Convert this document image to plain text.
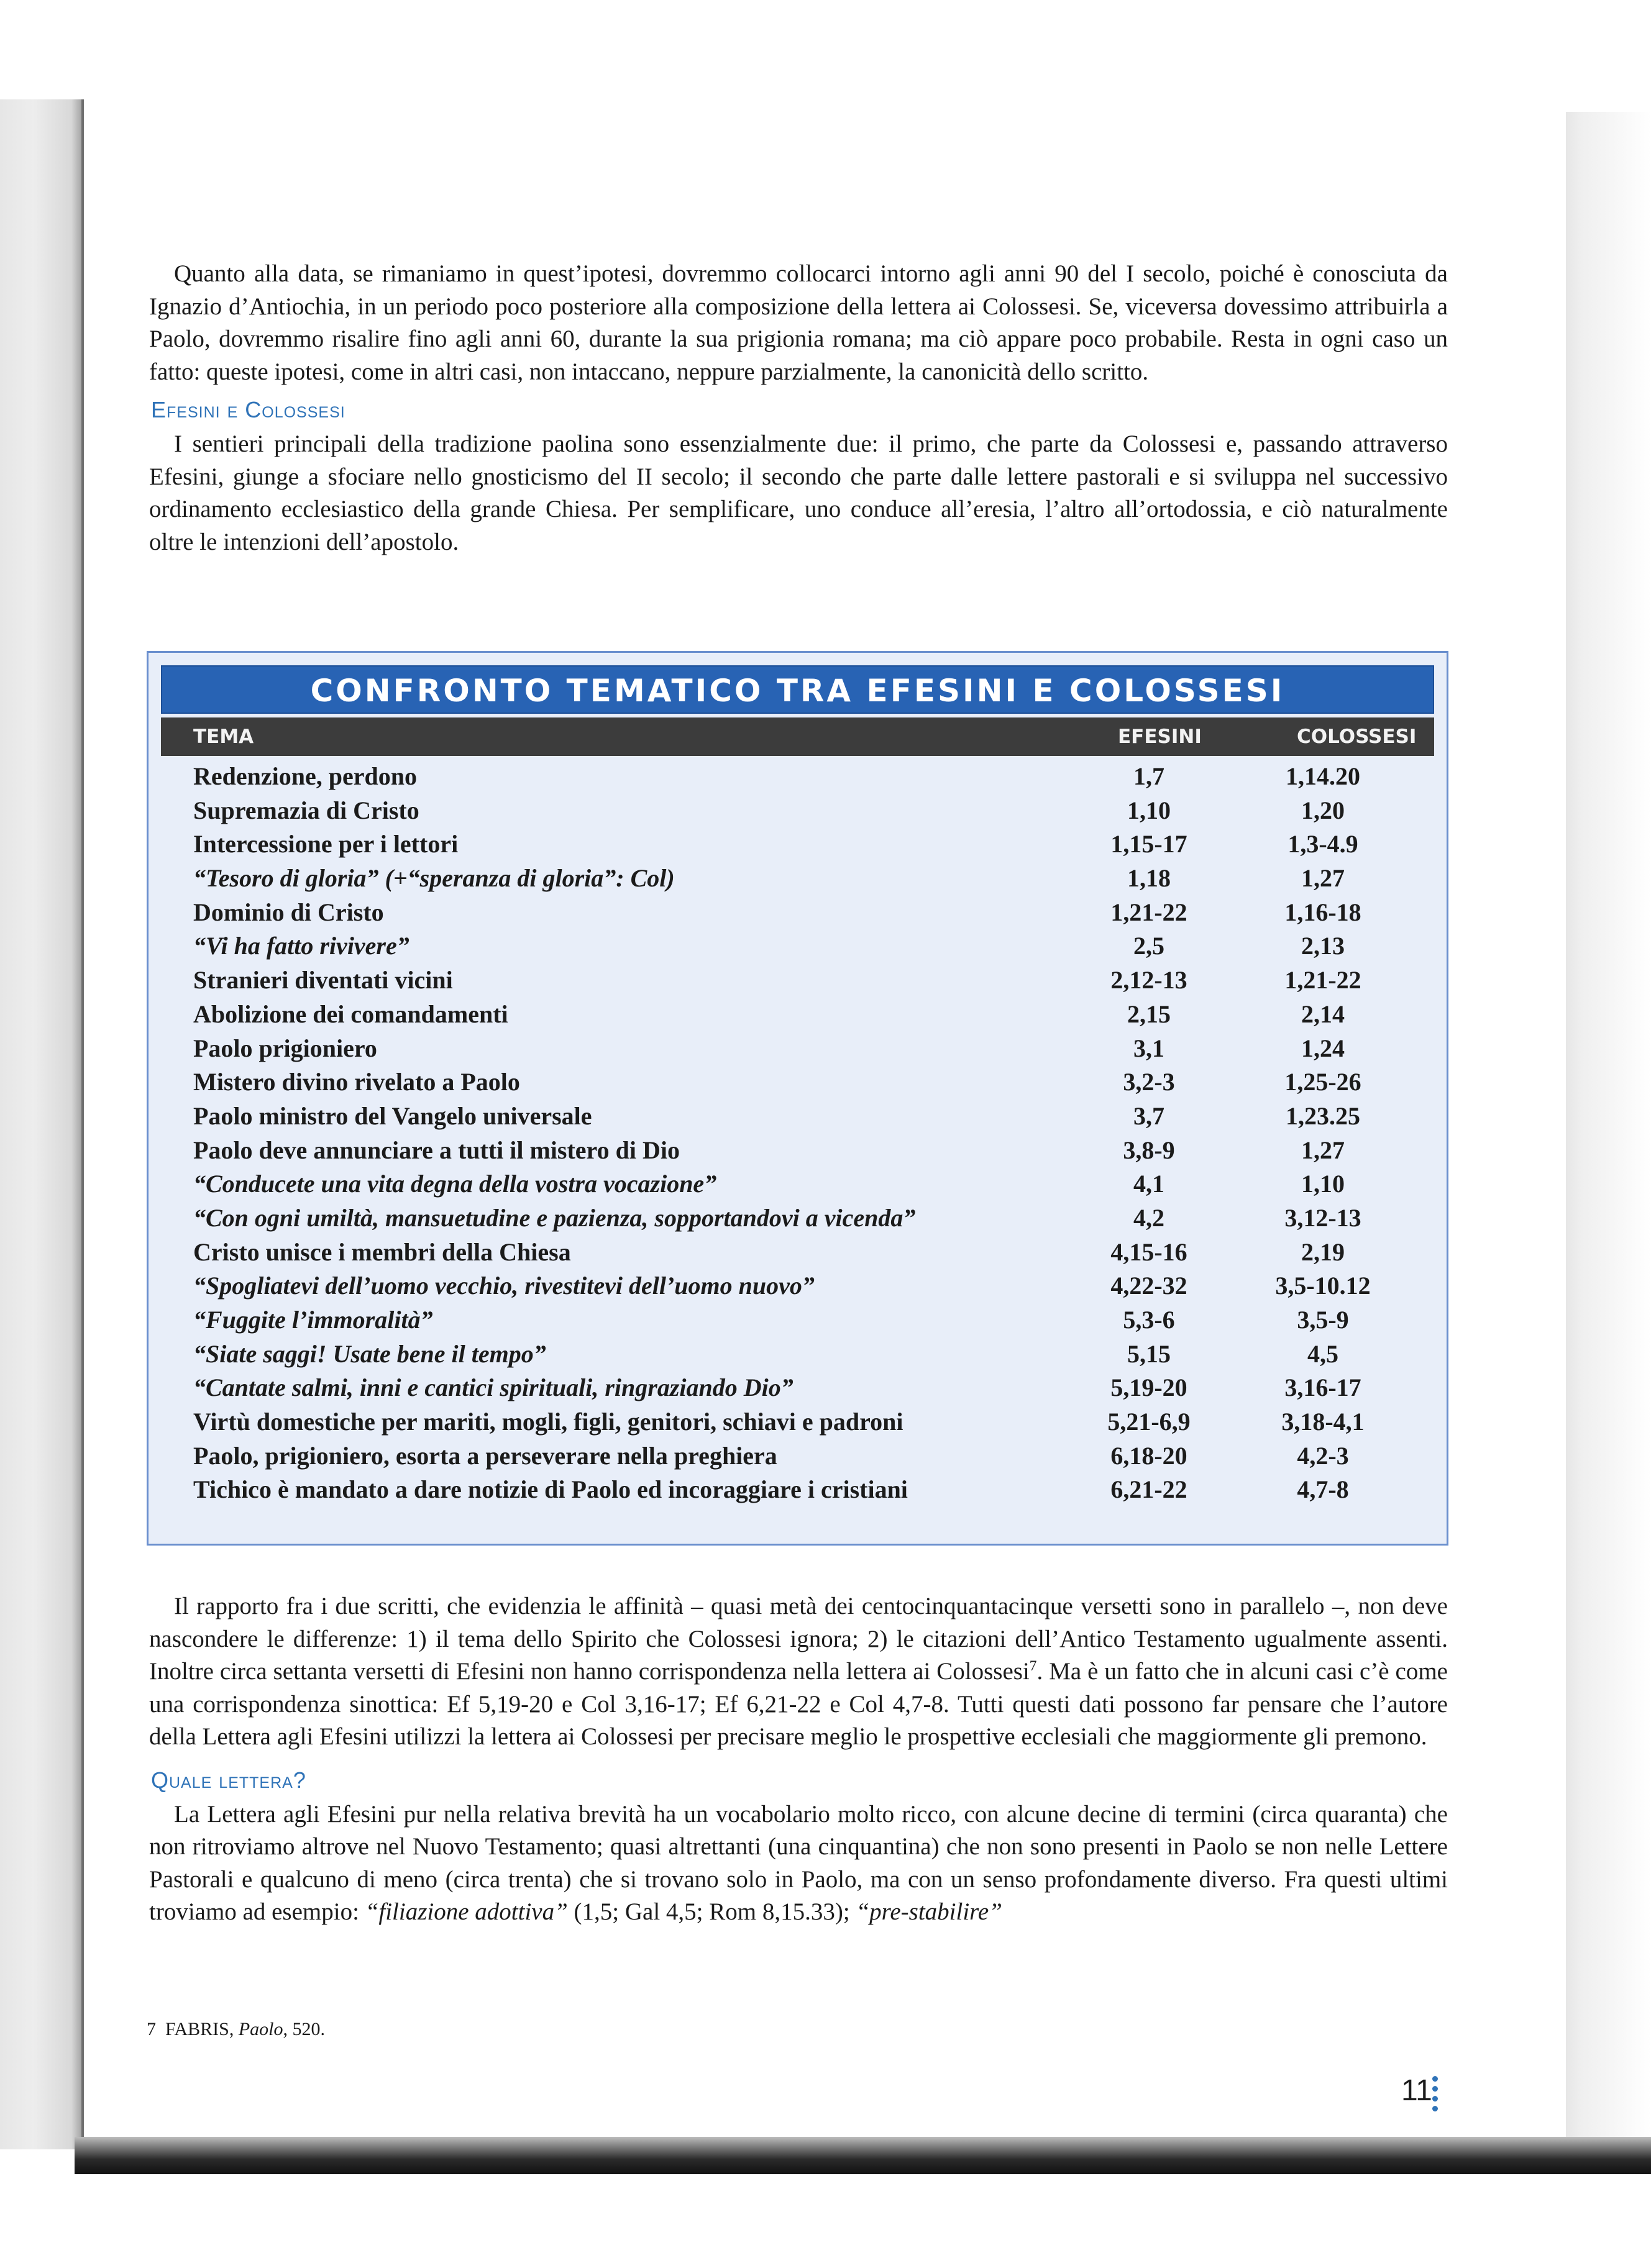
Quanto alla data, se rimaniamo in quest’ipotesi, dovremmo collocarci intorno agli anni 90 del I secolo, poiché è conosciuta da Ignazio d’Antiochia, in un periodo poco posteriore alla composizione della lettera ai Colossesi. Se, viceversa dovessimo attribuirla a Paolo, dovremmo risalire fino agli anni 60, durante la sua prigionia romana; ma ciò appare poco probabile. Resta in ogni caso un fatto: queste ipotesi, come in altri casi, non intaccano, neppure parzialmente, la canonicità dello scritto.

Efesini e Colossesi

I sentieri principali della tradizione paolina sono essenzialmente due: il primo, che parte da Colossesi e, passando attraverso Efesini, giunge a sfociare nello gnosticismo del II secolo; il secondo che parte dalle lettere pastorali e si sviluppa nel successivo ordinamento ecclesiastico della grande Chiesa. Per semplificare, uno conduce all’eresia, l’altro all’ortodossia, e ciò naturalmente oltre le intenzioni dell’apostolo.

CONFRONTO TEMATICO TRA EFESINI E COLOSSESI
TEMA	EFESINI	COLOSSESI
Redenzione, perdono	1,7	1,14.20
Supremazia di Cristo	1,10	1,20
Intercessione per i lettori	1,15-17	1,3-4.9
“Tesoro di gloria” (+“speranza di gloria”: Col)	1,18	1,27
Dominio di Cristo	1,21-22	1,16-18
“Vi ha fatto rivivere”	2,5	2,13
Stranieri diventati vicini	2,12-13	1,21-22
Abolizione dei comandamenti	2,15	2,14
Paolo prigioniero	3,1	1,24
Mistero divino rivelato a Paolo	3,2-3	1,25-26
Paolo ministro del Vangelo universale	3,7	1,23.25
Paolo deve annunciare a tutti il mistero di Dio	3,8-9	1,27
“Conducete una vita degna della vostra vocazione”	4,1	1,10
“Con ogni umiltà, mansuetudine e pazienza, sopportandovi a vicenda”	4,2	3,12-13
Cristo unisce i membri della Chiesa	4,15-16	2,19
“Spogliatevi dell’uomo vecchio, rivestitevi dell’uomo nuovo”	4,22-32	3,5-10.12
“Fuggite l’immoralità”	5,3-6	3,5-9
“Siate saggi! Usate bene il tempo”	5,15	4,5
“Cantate salmi, inni e cantici spirituali, ringraziando Dio”	5,19-20	3,16-17
Virtù domestiche per mariti, mogli, figli, genitori, schiavi e padroni	5,21-6,9	3,18-4,1
Paolo, prigioniero, esorta a perseverare nella preghiera	6,18-20	4,2-3
Tichico è mandato a dare notizie di Paolo ed incoraggiare i cristiani	6,21-22	4,7-8

Il rapporto fra i due scritti, che evidenzia le affinità – quasi metà dei centocinquantacinque versetti sono in parallelo –, non deve nascondere le differenze: 1) il tema dello Spirito che Colossesi ignora; 2) le citazioni dell’Antico Testamento ugualmente assenti. Inoltre circa settanta versetti di Efesini non hanno corrispondenza nella lettera ai Colossesi$^7$. Ma è un fatto che in alcuni casi c’è come una corrispondenza sinottica: Ef 5,19-20 e Col 3,16-17; Ef 6,21-22 e Col 4,7-8. Tutti questi dati possono far pensare che l’autore della Lettera agli Efesini utilizzi la lettera ai Colossesi per precisare meglio le prospettive ecclesiali che maggiormente gli premono.

Quale lettera?

La Lettera agli Efesini pur nella relativa brevità ha un vocabolario molto ricco, con alcune decine di termini (circa quaranta) che non ritroviamo altrove nel Nuovo Testamento; quasi altrettanti (una cinquantina) che non sono presenti in Paolo se non nelle Lettere Pastorali e qualcuno di meno (circa trenta) che si trovano solo in Paolo, ma con un senso profondamente diverso. Fra questi ultimi troviamo ad esempio: “filiazione adottiva” (1,5; Gal 4,5; Rom 8,15.33); “pre-stabilire”

7 FABRIS, Paolo, 520.
11
